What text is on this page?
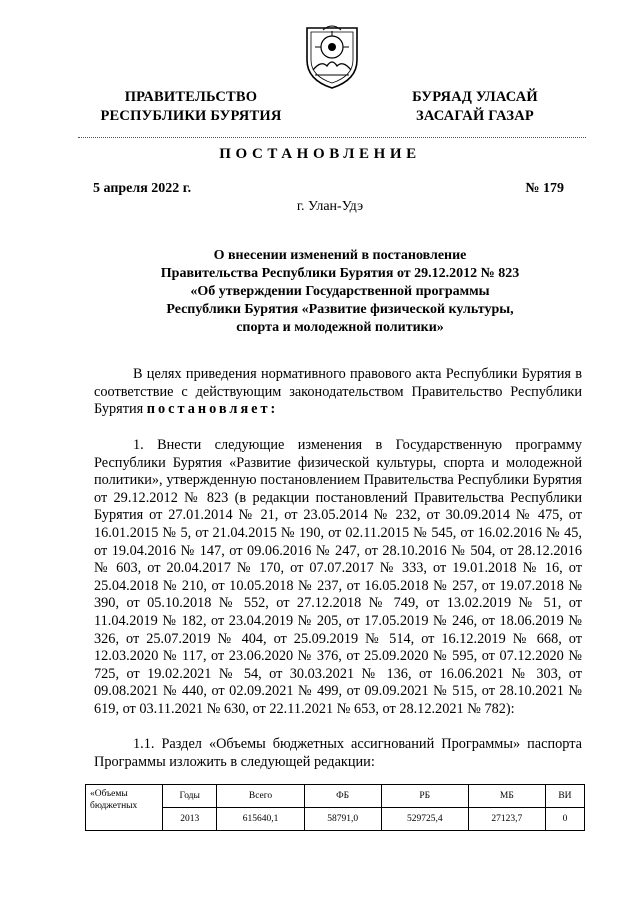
ПРАВИТЕЛЬСТВО
РЕСПУБЛИКИ БУРЯТИЯ
БУРЯАД УЛАСАЙ
ЗАСАГАЙ ГАЗАР
ПОСТАНОВЛЕНИЕ
5 апреля 2022 г.	№ 179
г. Улан-Удэ
О внесении изменений в постановление
Правительства Республики Бурятия от 29.12.2012 № 823
«Об утверждении Государственной программы
Республики Бурятия «Развитие физической культуры,
спорта и молодежной политики»
В целях приведения нормативного правового акта Республики Бурятия в соответствие с действующим законодательством Правительство Республики Бурятия постановляет:
1. Внести следующие изменения в Государственную программу Республики Бурятия «Развитие физической культуры, спорта и молодежной политики», утвержденную постановлением Правительства Республики Бурятия от 29.12.2012 № 823 (в редакции постановлений Правительства Республики Бурятия от 27.01.2014 № 21, от 23.05.2014 № 232, от 30.09.2014 № 475, от 16.01.2015 № 5, от 21.04.2015 № 190, от 02.11.2015 № 545, от 16.02.2016 № 45, от 19.04.2016 № 147, от 09.06.2016 № 247, от 28.10.2016 № 504, от 28.12.2016 № 603, от 20.04.2017 № 170, от 07.07.2017 № 333, от 19.01.2018 № 16, от 25.04.2018 № 210, от 10.05.2018 № 237, от 16.05.2018 № 257, от 19.07.2018 № 390, от 05.10.2018 № 552, от 27.12.2018 № 749, от 13.02.2019 № 51, от 11.04.2019 № 182, от 23.04.2019 № 205, от 17.05.2019 № 246, от 18.06.2019 № 326, от 25.07.2019 № 404, от 25.09.2019 № 514, от 16.12.2019 № 668, от 12.03.2020 № 117, от 23.06.2020 № 376, от 25.09.2020 № 595, от 07.12.2020 № 725, от 19.02.2021 № 54, от 30.03.2021 № 136, от 16.06.2021 № 303, от 09.08.2021 № 440, от 02.09.2021 № 499, от 09.09.2021 № 515, от 28.10.2021 № 619, от 03.11.2021 № 630, от 22.11.2021 № 653, от 28.12.2021 № 782):
1.1. Раздел «Объемы бюджетных ассигнований Программы» паспорта Программы изложить в следующей редакции:
«Объемы
бюджетных	Годы	Всего	ФБ	РБ	МБ	ВИ
	2013	615640,1	58791,0	529725,4	27123,7	0
